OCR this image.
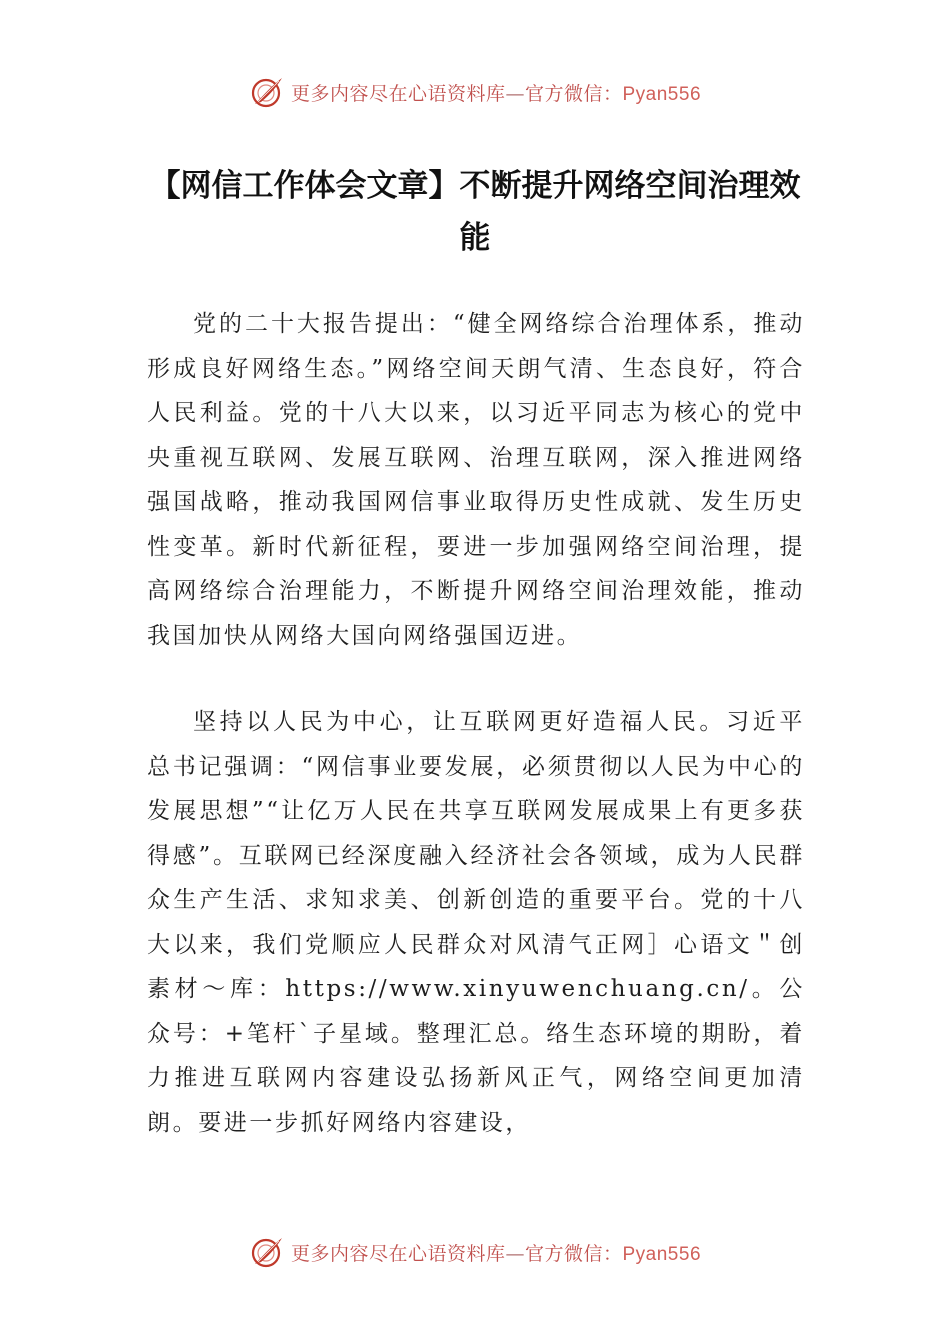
更多内容尽在心语资料库—官方微信：Pyan556
【网信工作体会文章】不断提升网络空间治理效能

党的二十大报告提出：“健全网络综合治理体系，推动形成良好网络生态。”网络空间天朗气清、生态良好，符合人民利益。党的十八大以来，以习近平同志为核心的党中央重视互联网、发展互联网、治理互联网，深入推进网络强国战略，推动我国网信事业取得历史性成就、发生历史性变革。新时代新征程，要进一步加强网络空间治理，提高网络综合治理能力，不断提升网络空间治理效能，推动我国加快从网络大国向网络强国迈进。

坚持以人民为中心，让互联网更好造福人民。习近平总书记强调：“网信事业要发展，必须贯彻以人民为中心的发展思想”“让亿万人民在共享互联网发展成果上有更多获得感”。互联网已经深度融入经济社会各领域，成为人民群众生产生活、求知求美、创新创造的重要平台。党的十八大以来，我们党顺应人民群众对风清气正网］心语文＂创素材～库：https://www.xinyuwenchuang.cn/。公众号：+笔杆`子星域。整理汇总。络生态环境的期盼，着力推进互联网内容建设弘扬新风正气，网络空间更加清朗。要进一步抓好网络内容建设，

更多内容尽在心语资料库—官方微信：Pyan556
